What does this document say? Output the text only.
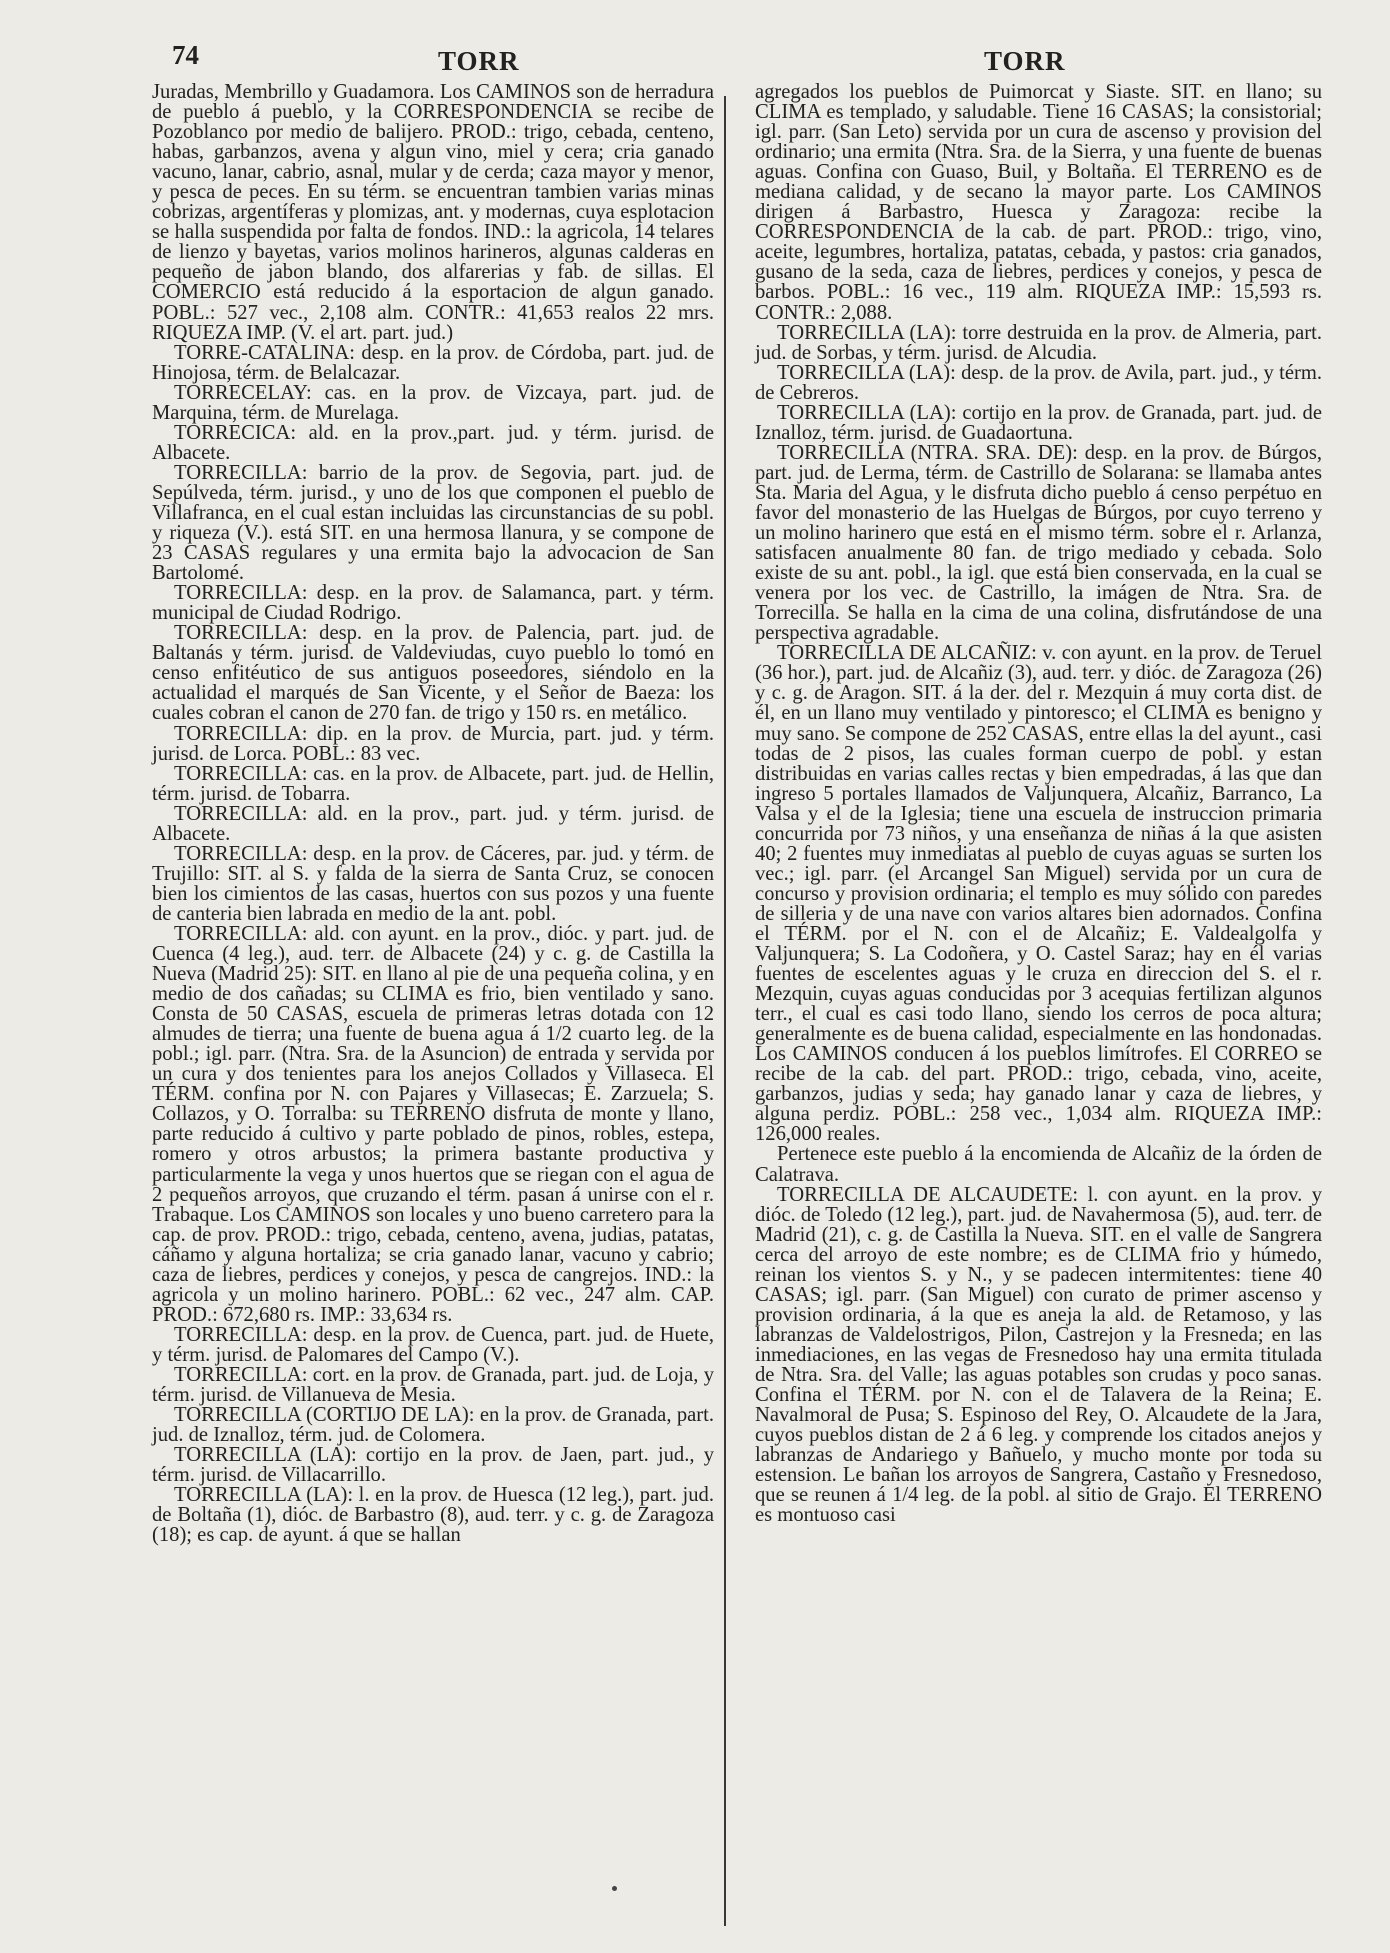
74	TORR	TORR

Juradas, Membrillo y Guadamora. Los CAMINOS son de herradura de pueblo á pueblo, y la CORRESPONDENCIA se recibe de Pozoblanco por medio de balijero. PROD.: trigo, cebada, centeno, habas, garbanzos, avena y algun vino, miel y cera; cria ganado vacuno, lanar, cabrio, asnal, mular y de cerda; caza mayor y menor, y pesca de peces. En su térm. se encuentran tambien varias minas cobrizas, argentíferas y plomizas, ant. y modernas, cuya esplotacion se halla suspendida por falta de fondos. IND.: la agricola, 14 telares de lienzo y bayetas, varios molinos harineros, algunas calderas en pequeño de jabon blando, dos alfarerias y fab. de sillas. El COMERCIO está reducido á la esportacion de algun ganado. POBL.: 527 vec., 2,108 alm. CONTR.: 41,653 realos 22 mrs. RIQUEZA IMP. (V. el art. part. jud.)

TORRE-CATALINA: desp. en la prov. de Córdoba, part. jud. de Hinojosa, térm. de Belalcazar.

TORRECELAY: cas. en la prov. de Vizcaya, part. jud. de Marquina, térm. de Murelaga.

TORRECICA: ald. en la prov.,part. jud. y térm. jurisd. de Albacete.

TORRECILLA: barrio de la prov. de Segovia, part. jud. de Sepúlveda, térm. jurisd., y uno de los que componen el pueblo de Villafranca, en el cual estan incluidas las circunstancias de su pobl. y riqueza (V.). está SIT. en una hermosa llanura, y se compone de 23 CASAS regulares y una ermita bajo la advocacion de San Bartolomé.

TORRECILLA: desp. en la prov. de Salamanca, part. y térm. municipal de Ciudad Rodrigo.

TORRECILLA: desp. en la prov. de Palencia, part. jud. de Baltanás y térm. jurisd. de Valdeviudas, cuyo pueblo lo tomó en censo enfitéutico de sus antiguos poseedores, siéndolo en la actualidad el marqués de San Vicente, y el Señor de Baeza: los cuales cobran el canon de 270 fan. de trigo y 150 rs. en metálico.

TORRECILLA: dip. en la prov. de Murcia, part. jud. y térm. jurisd. de Lorca. POBL.: 83 vec.

TORRECILLA: cas. en la prov. de Albacete, part. jud. de Hellin, térm. jurisd. de Tobarra.

TORRECILLA: ald. en la prov., part. jud. y térm. jurisd. de Albacete.

TORRECILLA: desp. en la prov. de Cáceres, par. jud. y térm. de Trujillo: SIT. al S. y falda de la sierra de Santa Cruz, se conocen bien los cimientos de las casas, huertos con sus pozos y una fuente de canteria bien labrada en medio de la ant. pobl.

TORRECILLA: ald. con ayunt. en la prov., dióc. y part. jud. de Cuenca (4 leg.), aud. terr. de Albacete (24) y c. g. de Castilla la Nueva (Madrid 25): SIT. en llano al pie de una pequeña colina, y en medio de dos cañadas; su CLIMA es frio, bien ventilado y sano. Consta de 50 CASAS, escuela de primeras letras dotada con 12 almudes de tierra; una fuente de buena agua á 1/2 cuarto leg. de la pobl.; igl. parr. (Ntra. Sra. de la Asuncion) de entrada y servida por un cura y dos tenientes para los anejos Collados y Villaseca. El TÉRM. confina por N. con Pajares y Villasecas; E. Zarzuela; S. Collazos, y O. Torralba: su TERRENO disfruta de monte y llano, parte reducido á cultivo y parte poblado de pinos, robles, estepa, romero y otros arbustos; la primera bastante productiva y particularmente la vega y unos huertos que se riegan con el agua de 2 pequeños arroyos, que cruzando el térm. pasan á unirse con el r. Trabaque. Los CAMINOS son locales y uno bueno carretero para la cap. de prov. PROD.: trigo, cebada, centeno, avena, judias, patatas, cáñamo y alguna hortaliza; se cria ganado lanar, vacuno y cabrio; caza de liebres, perdices y conejos, y pesca de cangrejos. IND.: la agricola y un molino harinero. POBL.: 62 vec., 247 alm. CAP. PROD.: 672,680 rs. IMP.: 33,634 rs.

TORRECILLA: desp. en la prov. de Cuenca, part. jud. de Huete, y térm. jurisd. de Palomares del Campo (V.).

TORRECILLA: cort. en la prov. de Granada, part. jud. de Loja, y térm. jurisd. de Villanueva de Mesia.

TORRECILLA (CORTIJO DE LA): en la prov. de Granada, part. jud. de Iznalloz, térm. jud. de Colomera.

TORRECILLA (LA): cortijo en la prov. de Jaen, part. jud., y térm. jurisd. de Villacarrillo.

TORRECILLA (LA): l. en la prov. de Huesca (12 leg.), part. jud. de Boltaña (1), dióc. de Barbastro (8), aud. terr. y c. g. de Zaragoza (18); es cap. de ayunt. á que se hallan

agregados los pueblos de Puimorcat y Siaste. SIT. en llano; su CLIMA es templado, y saludable. Tiene 16 CASAS; la consistorial; igl. parr. (San Leto) servida por un cura de ascenso y provision del ordinario; una ermita (Ntra. Sra. de la Sierra, y una fuente de buenas aguas. Confina con Guaso, Buil, y Boltaña. El TERRENO es de mediana calidad, y de secano la mayor parte. Los CAMINOS dirigen á Barbastro, Huesca y Zaragoza: recibe la CORRESPONDENCIA de la cab. de part. PROD.: trigo, vino, aceite, legumbres, hortaliza, patatas, cebada, y pastos: cria ganados, gusano de la seda, caza de liebres, perdices y conejos, y pesca de barbos. POBL.: 16 vec., 119 alm. RIQUEZA IMP.: 15,593 rs. CONTR.: 2,088.

TORRECILLA (LA): torre destruida en la prov. de Almeria, part. jud. de Sorbas, y térm. jurisd. de Alcudia.

TORRECILLA (LA): desp. de la prov. de Avila, part. jud., y térm. de Cebreros.

TORRECILLA (LA): cortijo en la prov. de Granada, part. jud. de Iznalloz, térm. jurisd. de Guadaortuna.

TORRECILLA (NTRA. SRA. DE): desp. en la prov. de Búrgos, part. jud. de Lerma, térm. de Castrillo de Solarana: se llamaba antes Sta. Maria del Agua, y le disfruta dicho pueblo á censo perpétuo en favor del monasterio de las Huelgas de Búrgos, por cuyo terreno y un molino harinero que está en el mismo térm. sobre el r. Arlanza, satisfacen anualmente 80 fan. de trigo mediado y cebada. Solo existe de su ant. pobl., la igl. que está bien conservada, en la cual se venera por los vec. de Castrillo, la imágen de Ntra. Sra. de Torrecilla. Se halla en la cima de una colina, disfrutándose de una perspectiva agradable.

TORRECILLA DE ALCAÑIZ: v. con ayunt. en la prov. de Teruel (36 hor.), part. jud. de Alcañiz (3), aud. terr. y dióc. de Zaragoza (26) y c. g. de Aragon. SIT. á la der. del r. Mezquin á muy corta dist. de él, en un llano muy ventilado y pintoresco; el CLIMA es benigno y muy sano. Se compone de 252 CASAS, entre ellas la del ayunt., casi todas de 2 pisos, las cuales forman cuerpo de pobl. y estan distribuidas en varias calles rectas y bien empedradas, á las que dan ingreso 5 portales llamados de Valjunquera, Alcañiz, Barranco, La Valsa y el de la Iglesia; tiene una escuela de instruccion primaria concurrida por 73 niños, y una enseñanza de niñas á la que asisten 40; 2 fuentes muy inmediatas al pueblo de cuyas aguas se surten los vec.; igl. parr. (el Arcangel San Miguel) servida por un cura de concurso y provision ordinaria; el templo es muy sólido con paredes de silleria y de una nave con varios altares bien adornados. Confina el TÉRM. por el N. con el de Alcañiz; E. Valdealgolfa y Valjunquera; S. La Codoñera, y O. Castel Saraz; hay en él varias fuentes de escelentes aguas y le cruza en direccion del S. el r. Mezquin, cuyas aguas conducidas por 3 acequias fertilizan algunos terr., el cual es casi todo llano, siendo los cerros de poca altura; generalmente es de buena calidad, especialmente en las hondonadas. Los CAMINOS conducen á los pueblos limítrofes. El CORREO se recibe de la cab. del part. PROD.: trigo, cebada, vino, aceite, garbanzos, judias y seda; hay ganado lanar y caza de liebres, y alguna perdiz. POBL.: 258 vec., 1,034 alm. RIQUEZA IMP.: 126,000 reales.

Pertenece este pueblo á la encomienda de Alcañiz de la órden de Calatrava.

TORRECILLA DE ALCAUDETE: l. con ayunt. en la prov. y dióc. de Toledo (12 leg.), part. jud. de Navahermosa (5), aud. terr. de Madrid (21), c. g. de Castilla la Nueva. SIT. en el valle de Sangrera cerca del arroyo de este nombre; es de CLIMA frio y húmedo, reinan los vientos S. y N., y se padecen intermitentes: tiene 40 CASAS; igl. parr. (San Miguel) con curato de primer ascenso y provision ordinaria, á la que es aneja la ald. de Retamoso, y las labranzas de Valdelostrigos, Pilon, Castrejon y la Fresneda; en las inmediaciones, en las vegas de Fresnedoso hay una ermita titulada de Ntra. Sra. del Valle; las aguas potables son crudas y poco sanas. Confina el TÉRM. por N. con el de Talavera de la Reina; E. Navalmoral de Pusa; S. Espinoso del Rey, O. Alcaudete de la Jara, cuyos pueblos distan de 2 á 6 leg. y comprende los citados anejos y labranzas de Andariego y Bañuelo, y mucho monte por toda su estension. Le bañan los arroyos de Sangrera, Castaño y Fresnedoso, que se reunen á 1/4 leg. de la pobl. al sitio de Grajo. El TERRENO es montuoso casi
